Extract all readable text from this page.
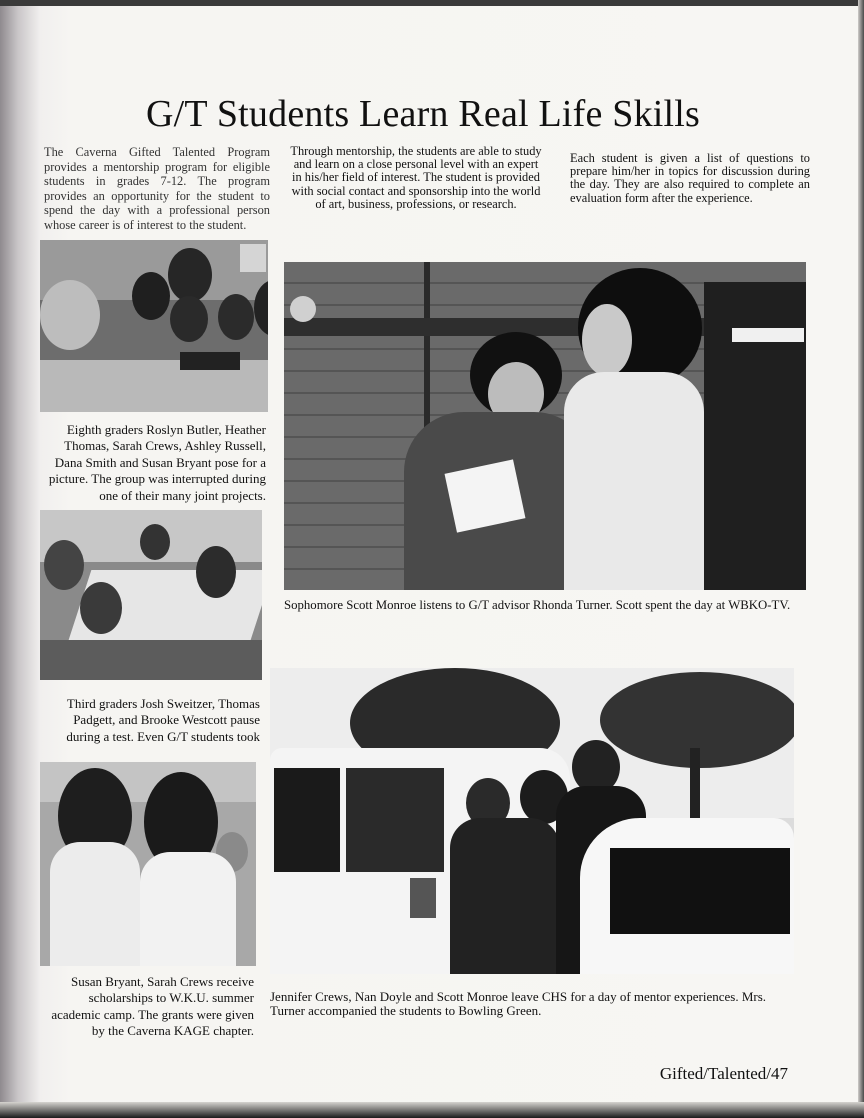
G/T Students Learn Real Life Skills
The Caverna Gifted Talented Program provides a mentorship program for eligible students in grades 7-12. The program provides an opportunity for the student to spend the day with a professional person whose career is of interest to the student.
Through mentorship, the students are able to study and learn on a close personal level with an expert in his/her field of interest. The student is provided with social contact and sponsorship into the world of art, business, professions, or research.
Each student is given a list of questions to prepare him/her in topics for discussion during the day. They are also required to complete an evaluation form after the experience.
Eighth graders Roslyn Butler, Heather Thomas, Sarah Crews, Ashley Russell, Dana Smith and Susan Bryant pose for a picture. The group was interrupted during one of their many joint projects.
Third graders Josh Sweitzer, Thomas Padgett, and Brooke Westcott pause during a test. Even G/T students took
Susan Bryant, Sarah Crews receive scholarships to W.K.U. summer academic camp. The grants were given by the Caverna KAGE chapter.
Sophomore Scott Monroe listens to G/T advisor Rhonda Turner. Scott spent the day at WBKO-TV.
Jennifer Crews, Nan Doyle and Scott Monroe leave CHS for a day of mentor experiences. Mrs. Turner accompanied the students to Bowling Green.
Gifted/Talented/47
